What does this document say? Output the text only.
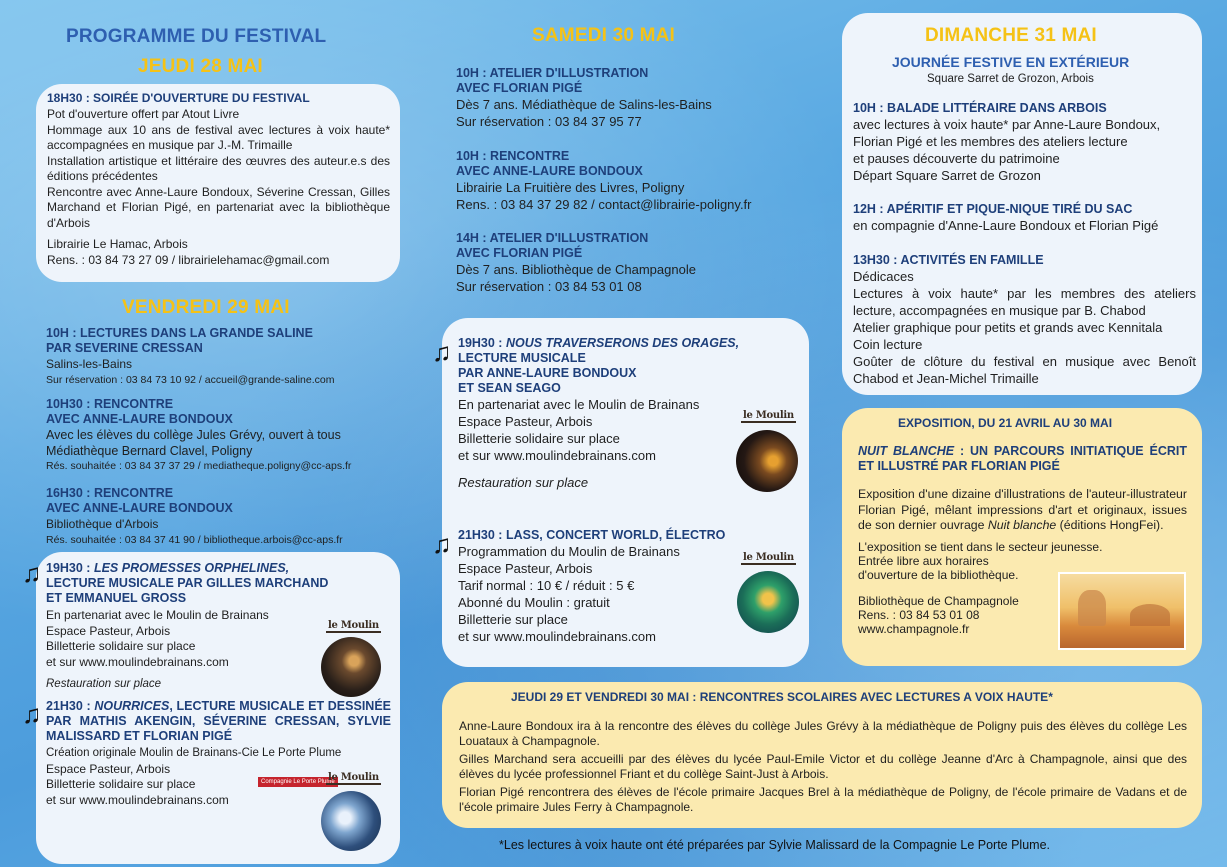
PROGRAMME DU FESTIVAL
JEUDI 28 MAI
18H30 : SOIRÉE D'OUVERTURE DU FESTIVAL
Pot d'ouverture offert par Atout Livre
Hommage aux 10 ans de festival avec lectures à voix haute* accompagnées en musique par J.-M. Trimaille
Installation artistique et littéraire des œuvres des auteur.e.s des éditions précédentes
Rencontre avec Anne-Laure Bondoux, Séverine Cressan, Gilles Marchand et Florian Pigé, en partenariat avec la bibliothèque d'Arbois
Librairie Le Hamac, Arbois
Rens. : 03 84 73 27 09 / librairielehamac@gmail.com
VENDREDI 29 MAI
10H : LECTURES DANS LA GRANDE SALINE
PAR SEVERINE CRESSAN
Salins-les-Bains
Sur réservation : 03 84 73 10 92 / accueil@grande-saline.com
10H30 : RENCONTRE
AVEC ANNE-LAURE BONDOUX
Avec les élèves du collège Jules Grévy, ouvert à tous
Médiathèque Bernard Clavel, Poligny
Rés. souhaitée : 03 84 37 37 29 / mediatheque.poligny@cc-aps.fr
16H30 : RENCONTRE
AVEC ANNE-LAURE BONDOUX
Bibliothèque d'Arbois
Rés. souhaitée : 03 84 37 41 90 / bibliotheque.arbois@cc-aps.fr
♫ 19H30 : LES PROMESSES ORPHELINES,
LECTURE MUSICALE PAR GILLES MARCHAND
ET EMMANUEL GROSS
En partenariat avec le Moulin de Brainans
Espace Pasteur, Arbois
Billetterie solidaire sur place
et sur www.moulindebrainans.com
Restauration sur place
le Moulin
♫ 21H30 : NOURRICES, LECTURE MUSICALE ET DESSINÉE PAR MATHIS AKENGIN, SÉVERINE CRESSAN, SYLVIE MALISSARD ET FLORIAN PIGÉ
Création originale Moulin de Brainans-Cie Le Porte Plume
Espace Pasteur, Arbois
Billetterie solidaire sur place
et sur www.moulindebrainans.com
Compagnie Le Porte Plume
le Moulin
SAMEDI 30 MAI
10H : ATELIER D'ILLUSTRATION
AVEC FLORIAN PIGÉ
Dès 7 ans. Médiathèque de Salins-les-Bains
Sur réservation : 03 84 37 95 77
10H : RENCONTRE
AVEC ANNE-LAURE BONDOUX
Librairie La Fruitière des Livres, Poligny
Rens. : 03 84 37 29 82 / contact@librairie-poligny.fr
14H : ATELIER D'ILLUSTRATION
AVEC FLORIAN PIGÉ
Dès 7 ans. Bibliothèque de Champagnole
Sur réservation : 03 84 53 01 08
♫ 19H30 : NOUS TRAVERSERONS DES ORAGES,
LECTURE MUSICALE
PAR ANNE-LAURE BONDOUX
ET SEAN SEAGO
En partenariat avec le Moulin de Brainans
Espace Pasteur, Arbois
Billetterie solidaire sur place
et sur www.moulindebrainans.com
Restauration sur place
le Moulin
♫ 21H30 : LASS, CONCERT WORLD, ÉLECTRO
Programmation du Moulin de Brainans
Espace Pasteur, Arbois
Tarif normal : 10 € / réduit : 5 €
Abonné du Moulin : gratuit
Billetterie sur place
et sur www.moulindebrainans.com
le Moulin
DIMANCHE 31 MAI
JOURNÉE FESTIVE EN EXTÉRIEUR
Square Sarret de Grozon, Arbois
10H : BALADE LITTÉRAIRE DANS ARBOIS
avec lectures à voix haute* par Anne-Laure Bondoux,
Florian Pigé et les membres des ateliers lecture
et pauses découverte du patrimoine
Départ Square Sarret de Grozon
12H : APÉRITIF ET PIQUE-NIQUE TIRÉ DU SAC
en compagnie d'Anne-Laure Bondoux et Florian Pigé
13H30 : ACTIVITÉS EN FAMILLE
Dédicaces
Lectures à voix haute* par les membres des ateliers lecture, accompagnées en musique par B. Chabod
Atelier graphique pour petits et grands avec Kennitala
Coin lecture
Goûter de clôture du festival en musique avec Benoît Chabod et Jean-Michel Trimaille
EXPOSITION, DU 21 AVRIL AU 30 MAI
NUIT BLANCHE : UN PARCOURS INITIATIQUE ÉCRIT ET ILLUSTRÉ PAR FLORIAN PIGÉ
Exposition d'une dizaine d'illustrations de l'auteur-illustrateur Florian Pigé, mêlant impressions d'art et originaux, issues de son dernier ouvrage Nuit blanche (éditions HongFei).
L'exposition se tient dans le secteur jeunesse.
Entrée libre aux horaires
d'ouverture de la bibliothèque.
Bibliothèque de Champagnole
Rens. : 03 84 53 01 08
www.champagnole.fr
JEUDI 29 ET VENDREDI 30 MAI : RENCONTRES SCOLAIRES AVEC LECTURES A VOIX HAUTE*
Anne-Laure Bondoux ira à la rencontre des élèves du collège Jules Grévy à la médiathèque de Poligny puis des élèves du collège Les Louataux à Champagnole.
Gilles Marchand sera accueilli par des élèves du lycée Paul-Emile Victor et du collège Jeanne d'Arc à Champagnole, ainsi que des élèves du lycée professionnel Friant et du collège Saint-Just à Arbois.
Florian Pigé rencontrera des élèves de l'école primaire Jacques Brel à la médiathèque de Poligny, de l'école primaire de Vadans et de l'école primaire Jules Ferry à Champagnole.
*Les lectures à voix haute ont été préparées par Sylvie Malissard de la Compagnie Le Porte Plume.
